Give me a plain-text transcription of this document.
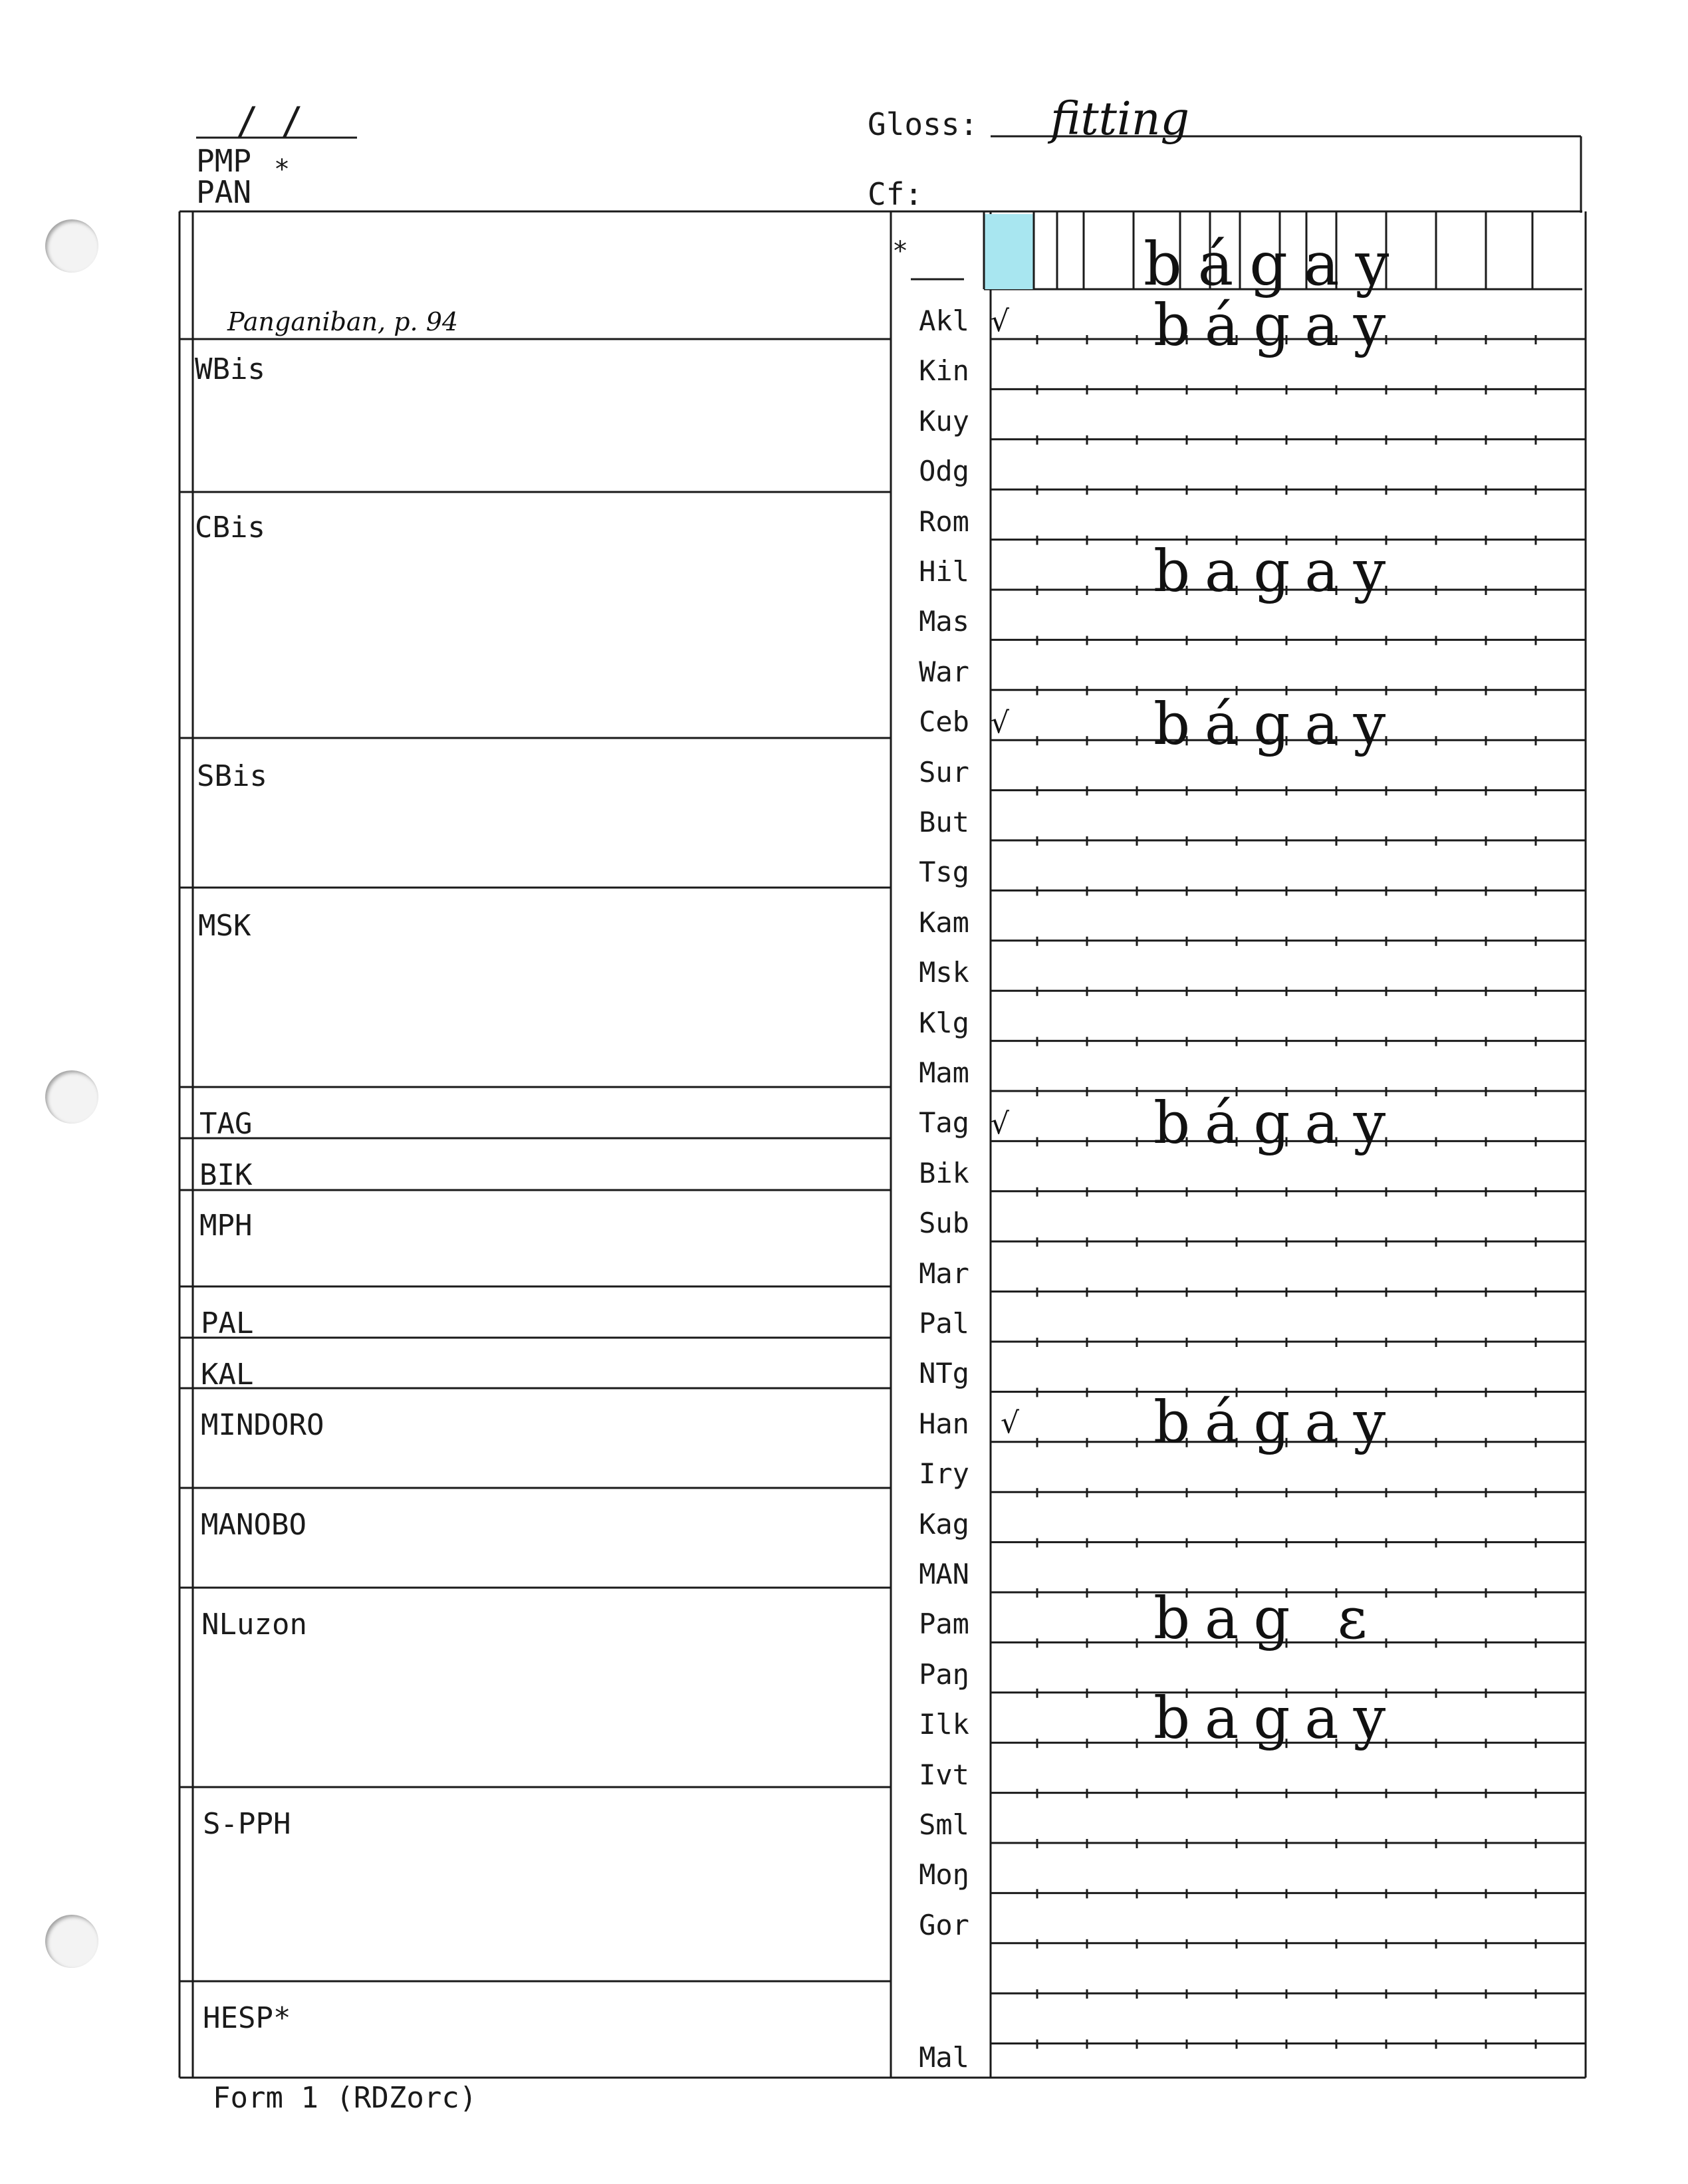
/ /
PMP
PAN
*
Gloss: fitting
Cf:
*	bágay
Panganiban, p. 94
WBis
CBis
SBis
MSK
TAG
BIK
MPH
PAL
KAL
MINDORO
MANOBO
NLuzon
S-PPH
HESP*
Akl
Kin
Kuy
Odg
Rom
Hil
Mas
War
Ceb
Sur
But
Tsg
Kam
Msk
Klg
Mam
Tag
Bik
Sub
Mar
Pal
NTg
Han
Iry
Kag
MAN
Pam
Paŋ
Ilk
Ivt
Sml
Moŋ
Gor
Mal
√
√
√
√
bágay
bagay
bágay
bágay
bágay
bag ɛ
bagay
Form 1 (RDZorc)
